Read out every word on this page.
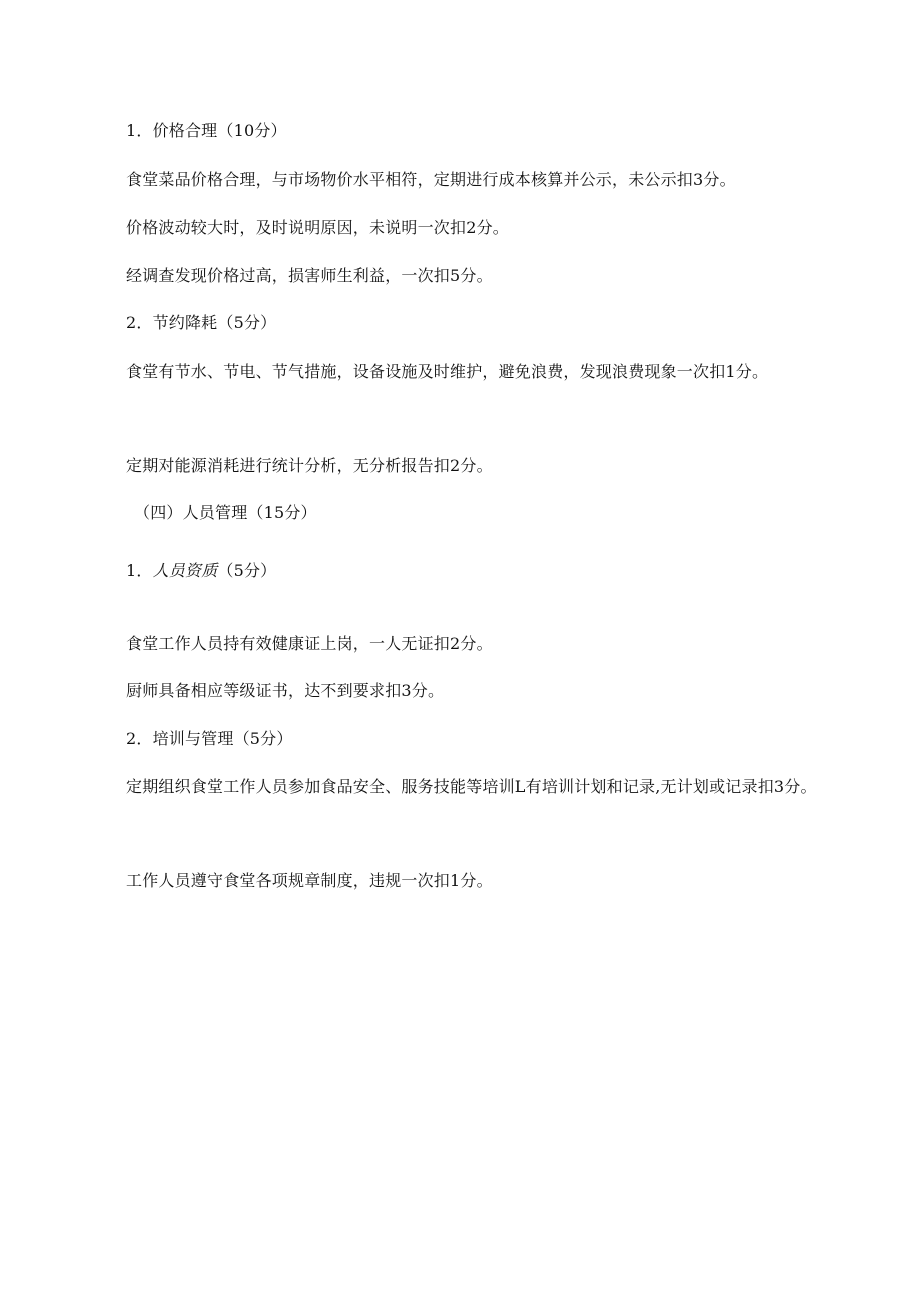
1．价格合理（10分）
食堂菜品价格合理，与市场物价水平相符，定期进行成本核算并公示，未公示扣3分。
价格波动较大时，及时说明原因，未说明一次扣2分。
经调查发现价格过高，损害师生利益，一次扣5分。
2．节约降耗（5分）
食堂有节水、节电、节气措施，设备设施及时维护，避免浪费，发现浪费现象一次扣1分。
定期对能源消耗进行统计分析，无分析报告扣2分。
（四）人员管理（15分）
1．人员资质（5分）
食堂工作人员持有效健康证上岗，一人无证扣2分。
厨师具备相应等级证书，达不到要求扣3分。
2．培训与管理（5分）
定期组织食堂工作人员参加食品安全、服务技能等培训L有培训计划和记录,无计划或记录扣3分。
工作人员遵守食堂各项规章制度，违规一次扣1分。
